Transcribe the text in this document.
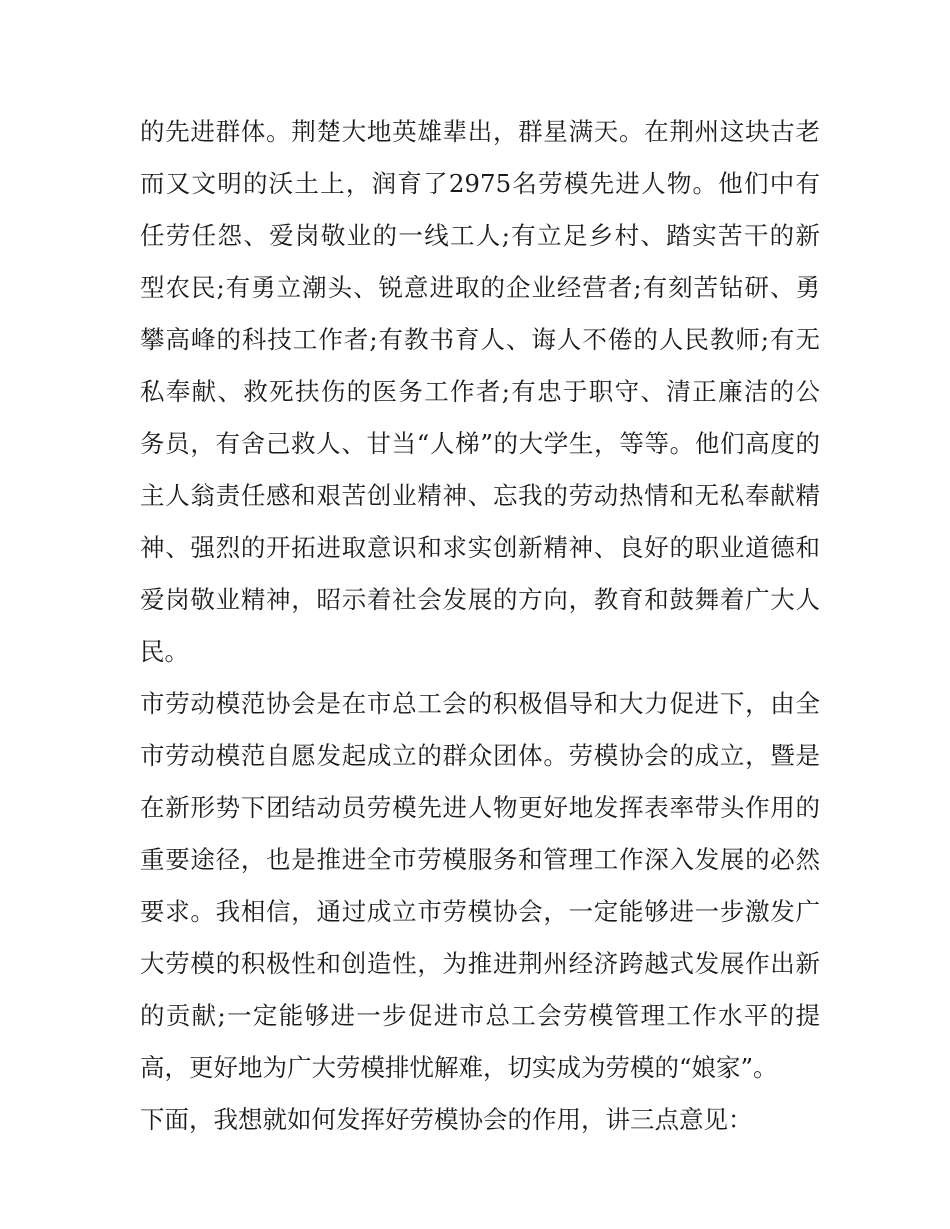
的先进群体。荆楚大地英雄辈出，群星满天。在荆州这块古老
而又文明的沃土上，润育了2975名劳模先进人物。他们中有
任劳任怨、爱岗敬业的一线工人;有立足乡村、踏实苦干的新
型农民;有勇立潮头、锐意进取的企业经营者;有刻苦钻研、勇
攀高峰的科技工作者;有教书育人、诲人不倦的人民教师;有无
私奉献、救死扶伤的医务工作者;有忠于职守、清正廉洁的公
务员，有舍己救人、甘当“人梯”的大学生，等等。他们高度的
主人翁责任感和艰苦创业精神、忘我的劳动热情和无私奉献精
神、强烈的开拓进取意识和求实创新精神、良好的职业道德和
爱岗敬业精神，昭示着社会发展的方向，教育和鼓舞着广大人
民。
市劳动模范协会是在市总工会的积极倡导和大力促进下，由全
市劳动模范自愿发起成立的群众团体。劳模协会的成立，暨是
在新形势下团结动员劳模先进人物更好地发挥表率带头作用的
重要途径，也是推进全市劳模服务和管理工作深入发展的必然
要求。我相信，通过成立市劳模协会，一定能够进一步激发广
大劳模的积极性和创造性，为推进荆州经济跨越式发展作出新
的贡献;一定能够进一步促进市总工会劳模管理工作水平的提
高，更好地为广大劳模排忧解难，切实成为劳模的“娘家”。
下面，我想就如何发挥好劳模协会的作用，讲三点意见：
